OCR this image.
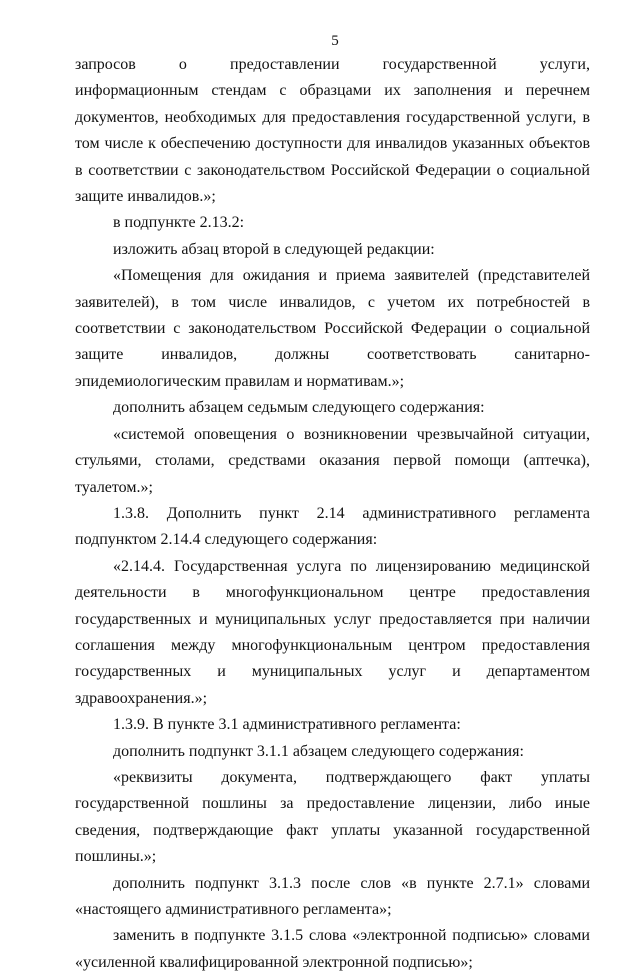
5

запросов о предоставлении государственной услуги,

информационным стендам с образцами их заполнения и перечнем документов, необходимых для предоставления государственной услуги, в том числе к обеспечению доступности для инвалидов указанных объектов в соответствии с законодательством Российской Федерации о социальной защите инвалидов.»;

в подпункте 2.13.2:

изложить абзац второй в следующей редакции:

«Помещения для ожидания и приема заявителей (представителей заявителей), в том числе инвалидов, с учетом их потребностей в соответствии с законодательством Российской Федерации о социальной защите инвалидов, должны соответствовать санитарно-эпидемиологическим правилам и нормативам.»;

дополнить абзацем седьмым следующего содержания:

«системой оповещения о возникновении чрезвычайной ситуации, стульями, столами, средствами оказания первой помощи (аптечка), туалетом.»;

1.3.8. Дополнить пункт 2.14 административного регламента подпунктом 2.14.4 следующего содержания:

«2.14.4. Государственная услуга по лицензированию медицинской деятельности в многофункциональном центре предоставления государственных и муниципальных услуг предоставляется при наличии соглашения между многофункциональным центром предоставления государственных и муниципальных услуг и департаментом здравоохранения.»;

1.3.9. В пункте 3.1 административного регламента:

дополнить подпункт 3.1.1 абзацем следующего содержания:

«реквизиты документа, подтверждающего факт уплаты государственной пошлины за предоставление лицензии, либо иные сведения, подтверждающие факт уплаты указанной государственной пошлины.»;

дополнить подпункт 3.1.3 после слов «в пункте 2.7.1» словами «настоящего административного регламента»;

заменить в подпункте 3.1.5 слова «электронной подписью» словами «усиленной квалифицированной электронной подписью»;
